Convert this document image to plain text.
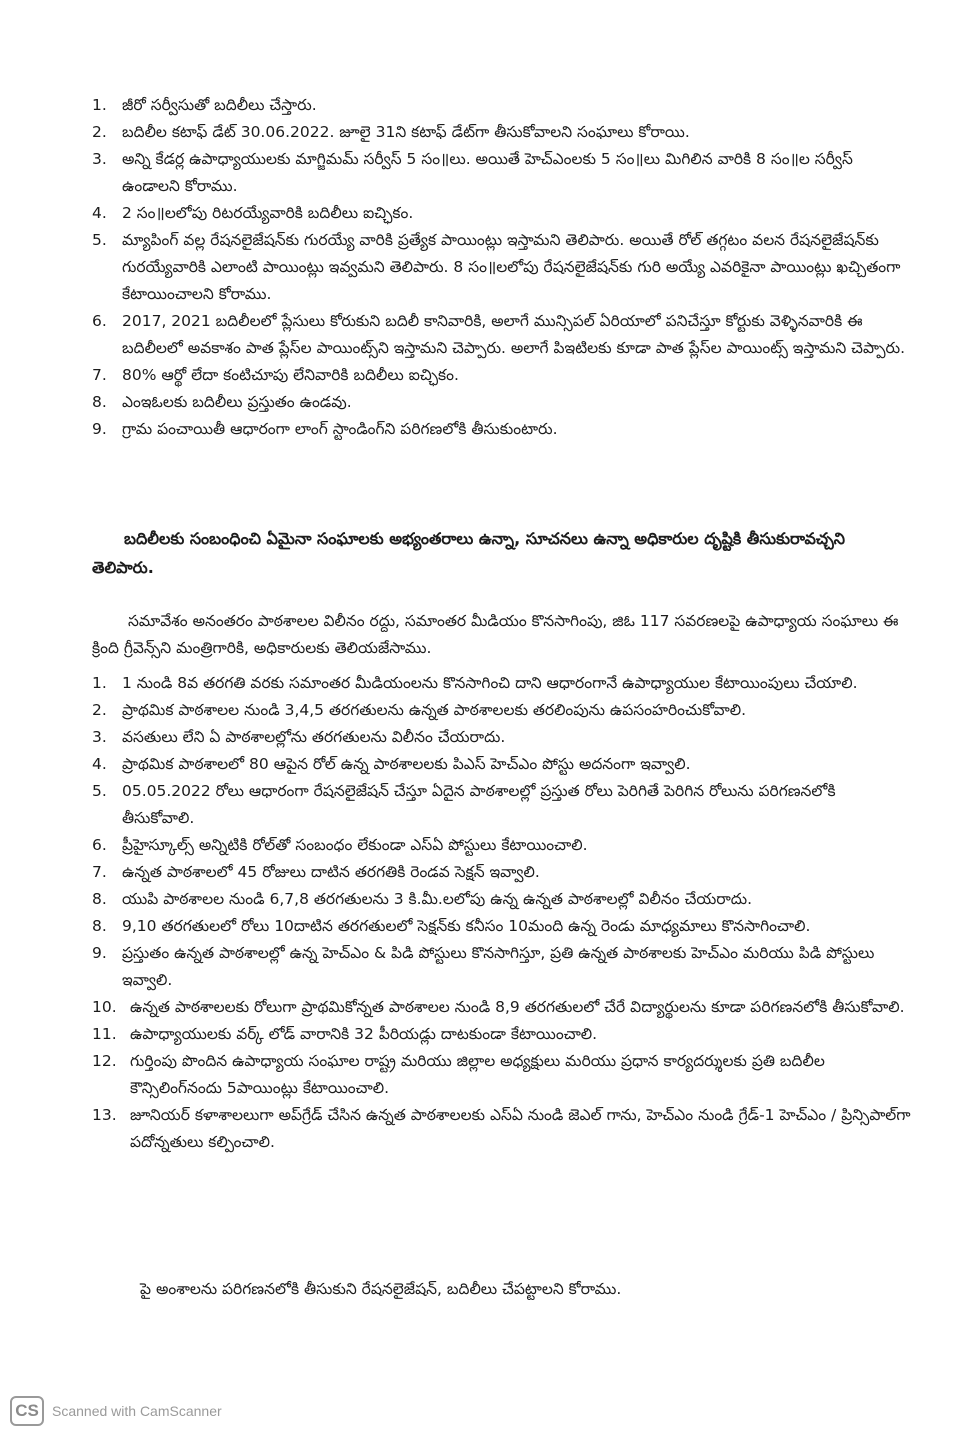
1. జీరో సర్వీసుతో బదిలీలు చేస్తారు.
2. బదిలీల కటాఫ్ డేట్ 30.06.2022. జూలై 31ని కటాఫ్ డేట్‌గా తీసుకోవాలని సంఘాలు కోరాయి.
3. అన్ని కేడర్ల ఉపాధ్యాయులకు మాగ్జిమమ్ సర్వీస్ 5 సం॥లు. అయితే హెచ్‌ఎంలకు 5 సం॥లు మిగిలిన వారికి 8 సం॥ల సర్వీస్ ఉండాలని కోరాము.
4. 2 సం॥లలోపు రిటరయ్యేవారికి బదిలీలు ఐచ్ఛికం.
5. మ్యాపింగ్ వల్ల రేషనలైజేషన్‌కు గురయ్యే వారికి ప్రత్యేక పాయింట్లు ఇస్తామని తెలిపారు. అయితే రోల్ తగ్గటం వలన రేషనలైజేషన్‌కు గురయ్యేవారికి ఎలాంటి పాయింట్లు ఇవ్వమని తెలిపారు. 8 సం॥లలోపు రేషనలైజేషన్‌కు గురి అయ్యే ఎవరికైనా పాయింట్లు ఖచ్చితంగా కేటాయించాలని కోరాము.
6. 2017, 2021 బదిలీలలో ప్లేసులు కోరుకుని బదిలీ కానివారికి, అలాగే మున్సిపల్ ఏరియాలో పనిచేస్తూ కోర్టుకు వెళ్ళినవారికి ఈ బదిలీలలో అవకాశం పాత ప్లేస్‌ల పాయింట్స్‌ని ఇస్తామని చెప్పారు. అలాగే పిఇటిలకు కూడా పాత ప్లేస్‌ల పాయింట్స్ ఇస్తామని చెప్పారు.
7. 80% ఆర్థో లేదా కంటిచూపు లేనివారికి బదిలీలు ఐచ్ఛికం.
8. ఎంఇఓలకు బదిలీలు ప్రస్తుతం ఉండవు.
9. గ్రామ పంచాయితీ ఆధారంగా లాంగ్ స్టాండింగ్‌ని పరిగణలోకి తీసుకుంటారు.
బదిలీలకు సంబంధించి ఏమైనా సంఘాలకు అభ్యంతరాలు ఉన్నా, సూచనలు ఉన్నా అధికారుల దృష్టికి తీసుకురావచ్చని తెలిపారు.
సమావేశం అనంతరం పాఠశాలల విలీనం రద్దు, సమాంతర మీడియం కొనసాగింపు, జిఓ 117 సవరణలపై ఉపాధ్యాయ సంఘాలు ఈ క్రింది గ్రీవెన్స్‌ని మంత్రిగారికి, అధికారులకు తెలియజేసాము.
1. 1 నుండి 8వ తరగతి వరకు సమాంతర మీడియంలను కొనసాగించి దాని ఆధారంగానే ఉపాధ్యాయుల కేటాయింపులు చేయాలి.
2. ప్రాథమిక పాఠశాలల నుండి 3,4,5 తరగతులను ఉన్నత పాఠశాలలకు తరలింపును ఉపసంహరించుకోవాలి.
3. వసతులు లేని ఏ పాఠశాలల్లోను తరగతులను విలీనం చేయరాదు.
4. ప్రాథమిక పాఠశాలలో 80 ఆపైన రోల్ ఉన్న పాఠశాలలకు పిఎస్ హెచ్‌ఎం పోస్టు అదనంగా ఇవ్వాలి.
5. 05.05.2022 రోలు ఆధారంగా రేషనలైజేషన్ చేస్తూ ఏదైన పాఠశాలల్లో ప్రస్తుత రోలు పెరిగితే పెరిగిన రోలును పరిగణనలోకి తీసుకోవాలి.
6. ప్రీహైస్కూల్స్ అన్నిటికి రోల్‌తో సంబంధం లేకుండా ఎస్ఏ పోస్టులు కేటాయించాలి.
7. ఉన్నత పాఠశాలలో 45 రోజులు దాటిన తరగతికి రెండవ సెక్షన్ ఇవ్వాలి.
8. యుపి పాఠశాలల నుండి 6,7,8 తరగతులను 3 కి.మీ.లలోపు ఉన్న ఉన్నత పాఠశాలల్లో విలీనం చేయరాదు.
8. 9,10 తరగతులలో రోలు 10దాటిన తరగతులలో సెక్షన్‌కు కనీసం 10మంది ఉన్న రెండు మాధ్యమాలు కొనసాగించాలి.
9. ప్రస్తుతం ఉన్నత పాఠశాలల్లో ఉన్న హెచ్‌ఎం & పిడి పోస్టులు కొనసాగిస్తూ, ప్రతి ఉన్నత పాఠశాలకు హెచ్‌ఎం మరియు పిడి పోస్టులు ఇవ్వాలి.
10. ఉన్నత పాఠశాలలకు రోలుగా ప్రాథమికోన్నత పాఠశాలల నుండి 8,9 తరగతులలో చేరే విద్యార్థులను కూడా పరిగణనలోకి తీసుకోవాలి.
11. ఉపాధ్యాయులకు వర్క్ లోడ్ వారానికి 32 పీరియడ్లు దాటకుండా కేటాయించాలి.
12. గుర్తింపు పొందిన ఉపాధ్యాయ సంఘాల రాష్ట్ర మరియు జిల్లాల అధ్యక్షులు మరియు ప్రధాన కార్యదర్శులకు ప్రతి బదిలీల కౌన్సిలింగ్‌నందు 5పాయింట్లు కేటాయించాలి.
13. జూనియర్ కళాశాలలుగా అప్‌గ్రేడ్ చేసిన ఉన్నత పాఠశాలలకు ఎస్ఏ నుండి జెఎల్ గాను, హెచ్‌ఎం నుండి గ్రేడ్-1 హెచ్‌ఎం / ప్రిన్సిపాల్‌గా పదోన్నతులు కల్పించాలి.
పై అంశాలను పరిగణనలోకి తీసుకుని రేషనలైజేషన్, బదిలీలు చేపట్టాలని కోరాము.
CS Scanned with CamScanner
